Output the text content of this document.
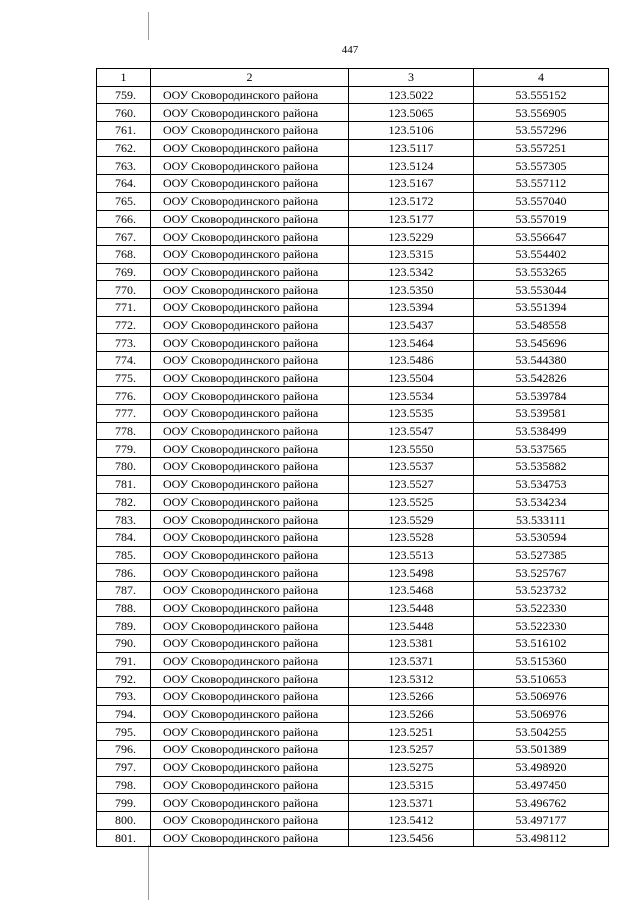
447
1	2	3	4
759.	ООУ Сковородинского района	123.5022	53.555152
760.	ООУ Сковородинского района	123.5065	53.556905
761.	ООУ Сковородинского района	123.5106	53.557296
762.	ООУ Сковородинского района	123.5117	53.557251
763.	ООУ Сковородинского района	123.5124	53.557305
764.	ООУ Сковородинского района	123.5167	53.557112
765.	ООУ Сковородинского района	123.5172	53.557040
766.	ООУ Сковородинского района	123.5177	53.557019
767.	ООУ Сковородинского района	123.5229	53.556647
768.	ООУ Сковородинского района	123.5315	53.554402
769.	ООУ Сковородинского района	123.5342	53.553265
770.	ООУ Сковородинского района	123.5350	53.553044
771.	ООУ Сковородинского района	123.5394	53.551394
772.	ООУ Сковородинского района	123.5437	53.548558
773.	ООУ Сковородинского района	123.5464	53.545696
774.	ООУ Сковородинского района	123.5486	53.544380
775.	ООУ Сковородинского района	123.5504	53.542826
776.	ООУ Сковородинского района	123.5534	53.539784
777.	ООУ Сковородинского района	123.5535	53.539581
778.	ООУ Сковородинского района	123.5547	53.538499
779.	ООУ Сковородинского района	123.5550	53.537565
780.	ООУ Сковородинского района	123.5537	53.535882
781.	ООУ Сковородинского района	123.5527	53.534753
782.	ООУ Сковородинского района	123.5525	53.534234
783.	ООУ Сковородинского района	123.5529	53.533111
784.	ООУ Сковородинского района	123.5528	53.530594
785.	ООУ Сковородинского района	123.5513	53.527385
786.	ООУ Сковородинского района	123.5498	53.525767
787.	ООУ Сковородинского района	123.5468	53.523732
788.	ООУ Сковородинского района	123.5448	53.522330
789.	ООУ Сковородинского района	123.5448	53.522330
790.	ООУ Сковородинского района	123.5381	53.516102
791.	ООУ Сковородинского района	123.5371	53.515360
792.	ООУ Сковородинского района	123.5312	53.510653
793.	ООУ Сковородинского района	123.5266	53.506976
794.	ООУ Сковородинского района	123.5266	53.506976
795.	ООУ Сковородинского района	123.5251	53.504255
796.	ООУ Сковородинского района	123.5257	53.501389
797.	ООУ Сковородинского района	123.5275	53.498920
798.	ООУ Сковородинского района	123.5315	53.497450
799.	ООУ Сковородинского района	123.5371	53.496762
800.	ООУ Сковородинского района	123.5412	53.497177
801.	ООУ Сковородинского района	123.5456	53.498112
